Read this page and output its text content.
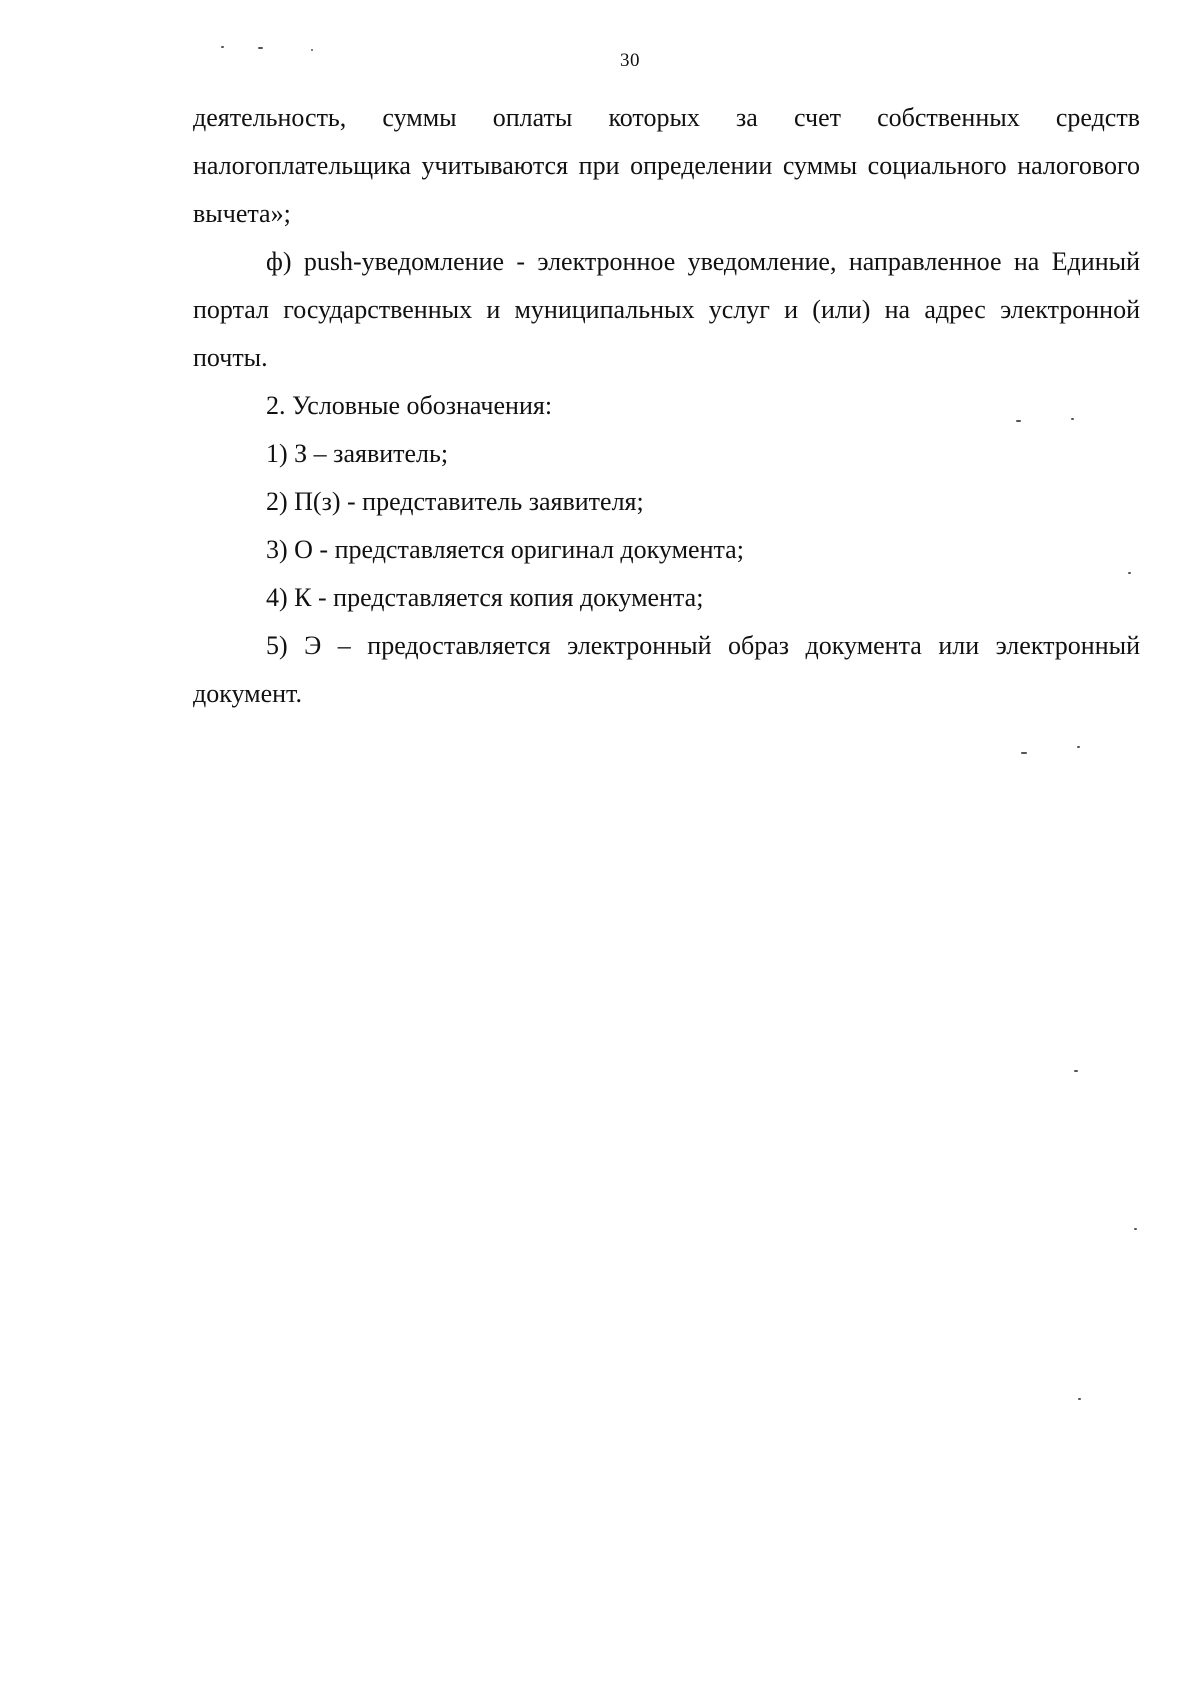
30

деятельность, суммы оплаты которых за счет собственных средств налогоплательщика учитываются при определении суммы социального налогового вычета»;

ф) push-уведомление - электронное уведомление, направленное на Единый портал государственных и муниципальных услуг и (или) на адрес электронной почты.

2. Условные обозначения:

1) З – заявитель;

2) П(з) - представитель заявителя;

3) О - представляется оригинал документа;

4) К - представляется копия документа;

5) Э – предоставляется электронный образ документа или электронный документ.
